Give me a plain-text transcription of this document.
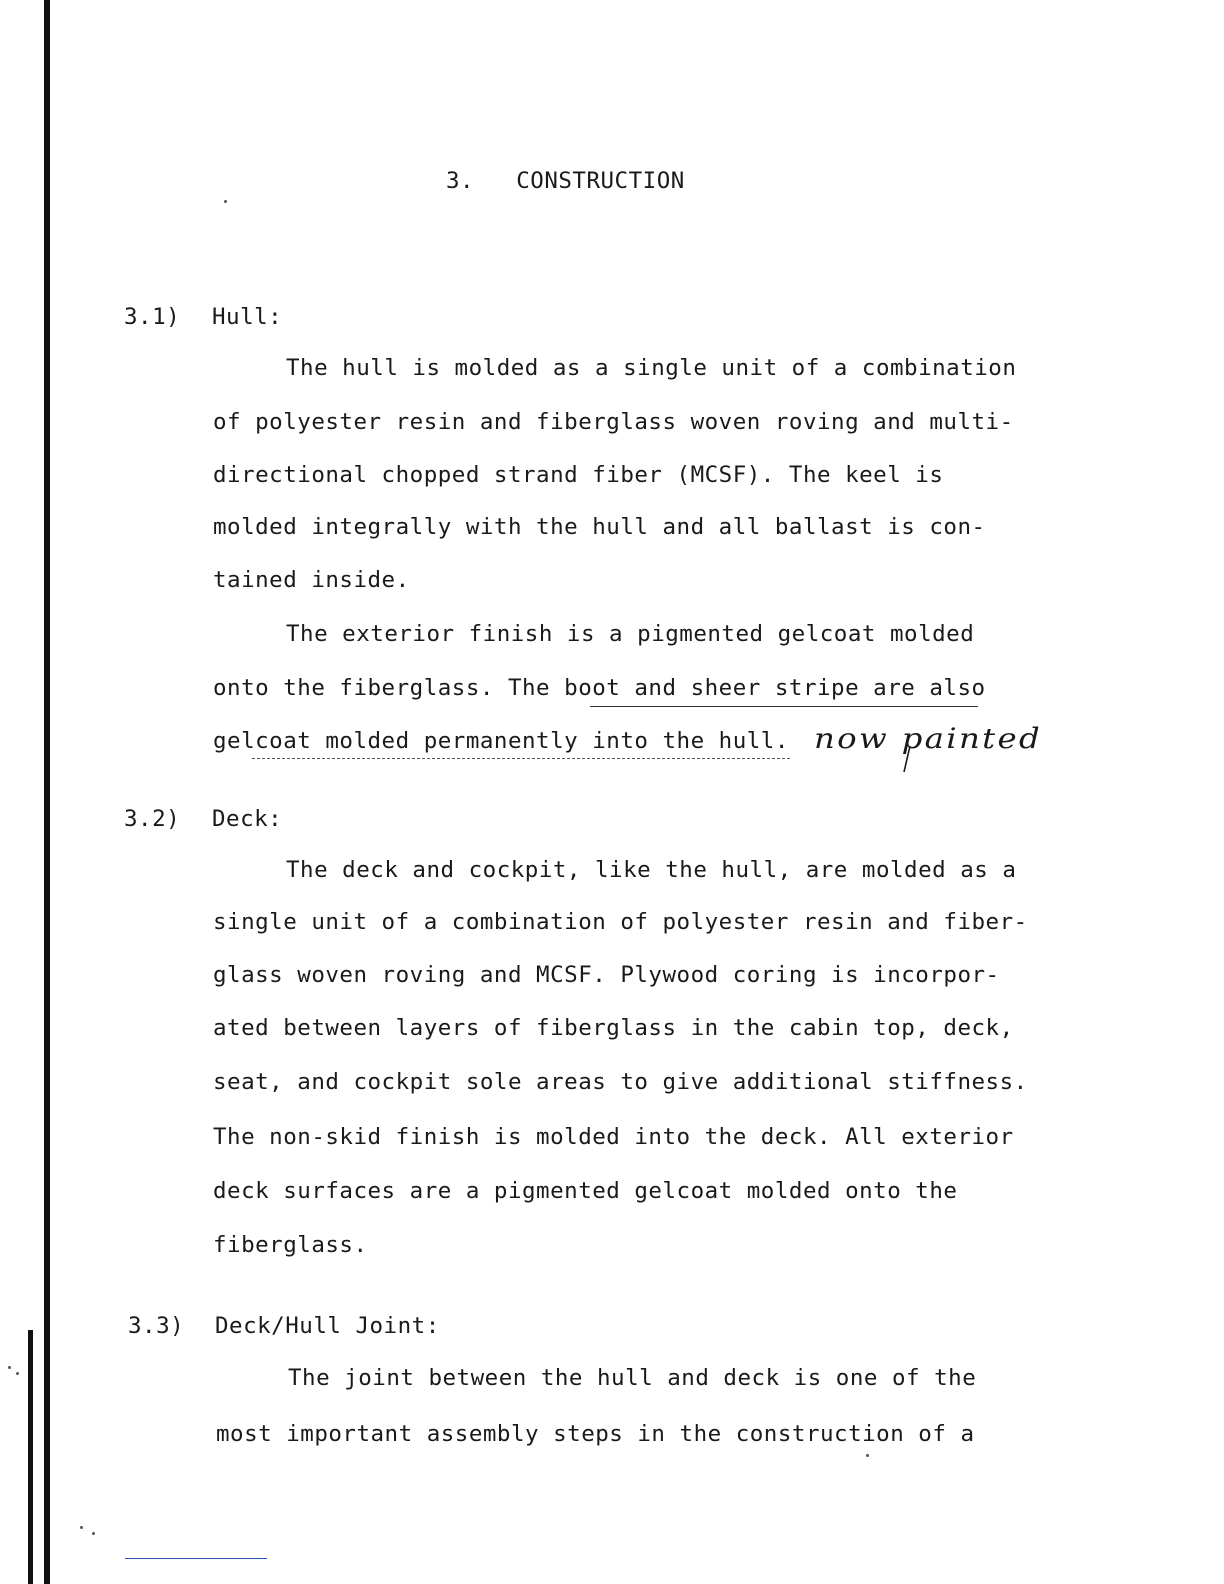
3. CONSTRUCTION
3.1) Hull:
The hull is molded as a single unit of a combination
of polyester resin and fiberglass woven roving and multi-
directional chopped strand fiber (MCSF). The keel is
molded integrally with the hull and all ballast is con-
tained inside.
The exterior finish is a pigmented gelcoat molded
onto the fiberglass. The boot and sheer stripe are also
gelcoat molded permanently into the hull. now painted
3.2) Deck:
The deck and cockpit, like the hull, are molded as a
single unit of a combination of polyester resin and fiber-
glass woven roving and MCSF. Plywood coring is incorpor-
ated between layers of fiberglass in the cabin top, deck,
seat, and cockpit sole areas to give additional stiffness.
The non-skid finish is molded into the deck. All exterior
deck surfaces are a pigmented gelcoat molded onto the
fiberglass.
3.3) Deck/Hull Joint:
The joint between the hull and deck is one of the
most important assembly steps in the construction of a
